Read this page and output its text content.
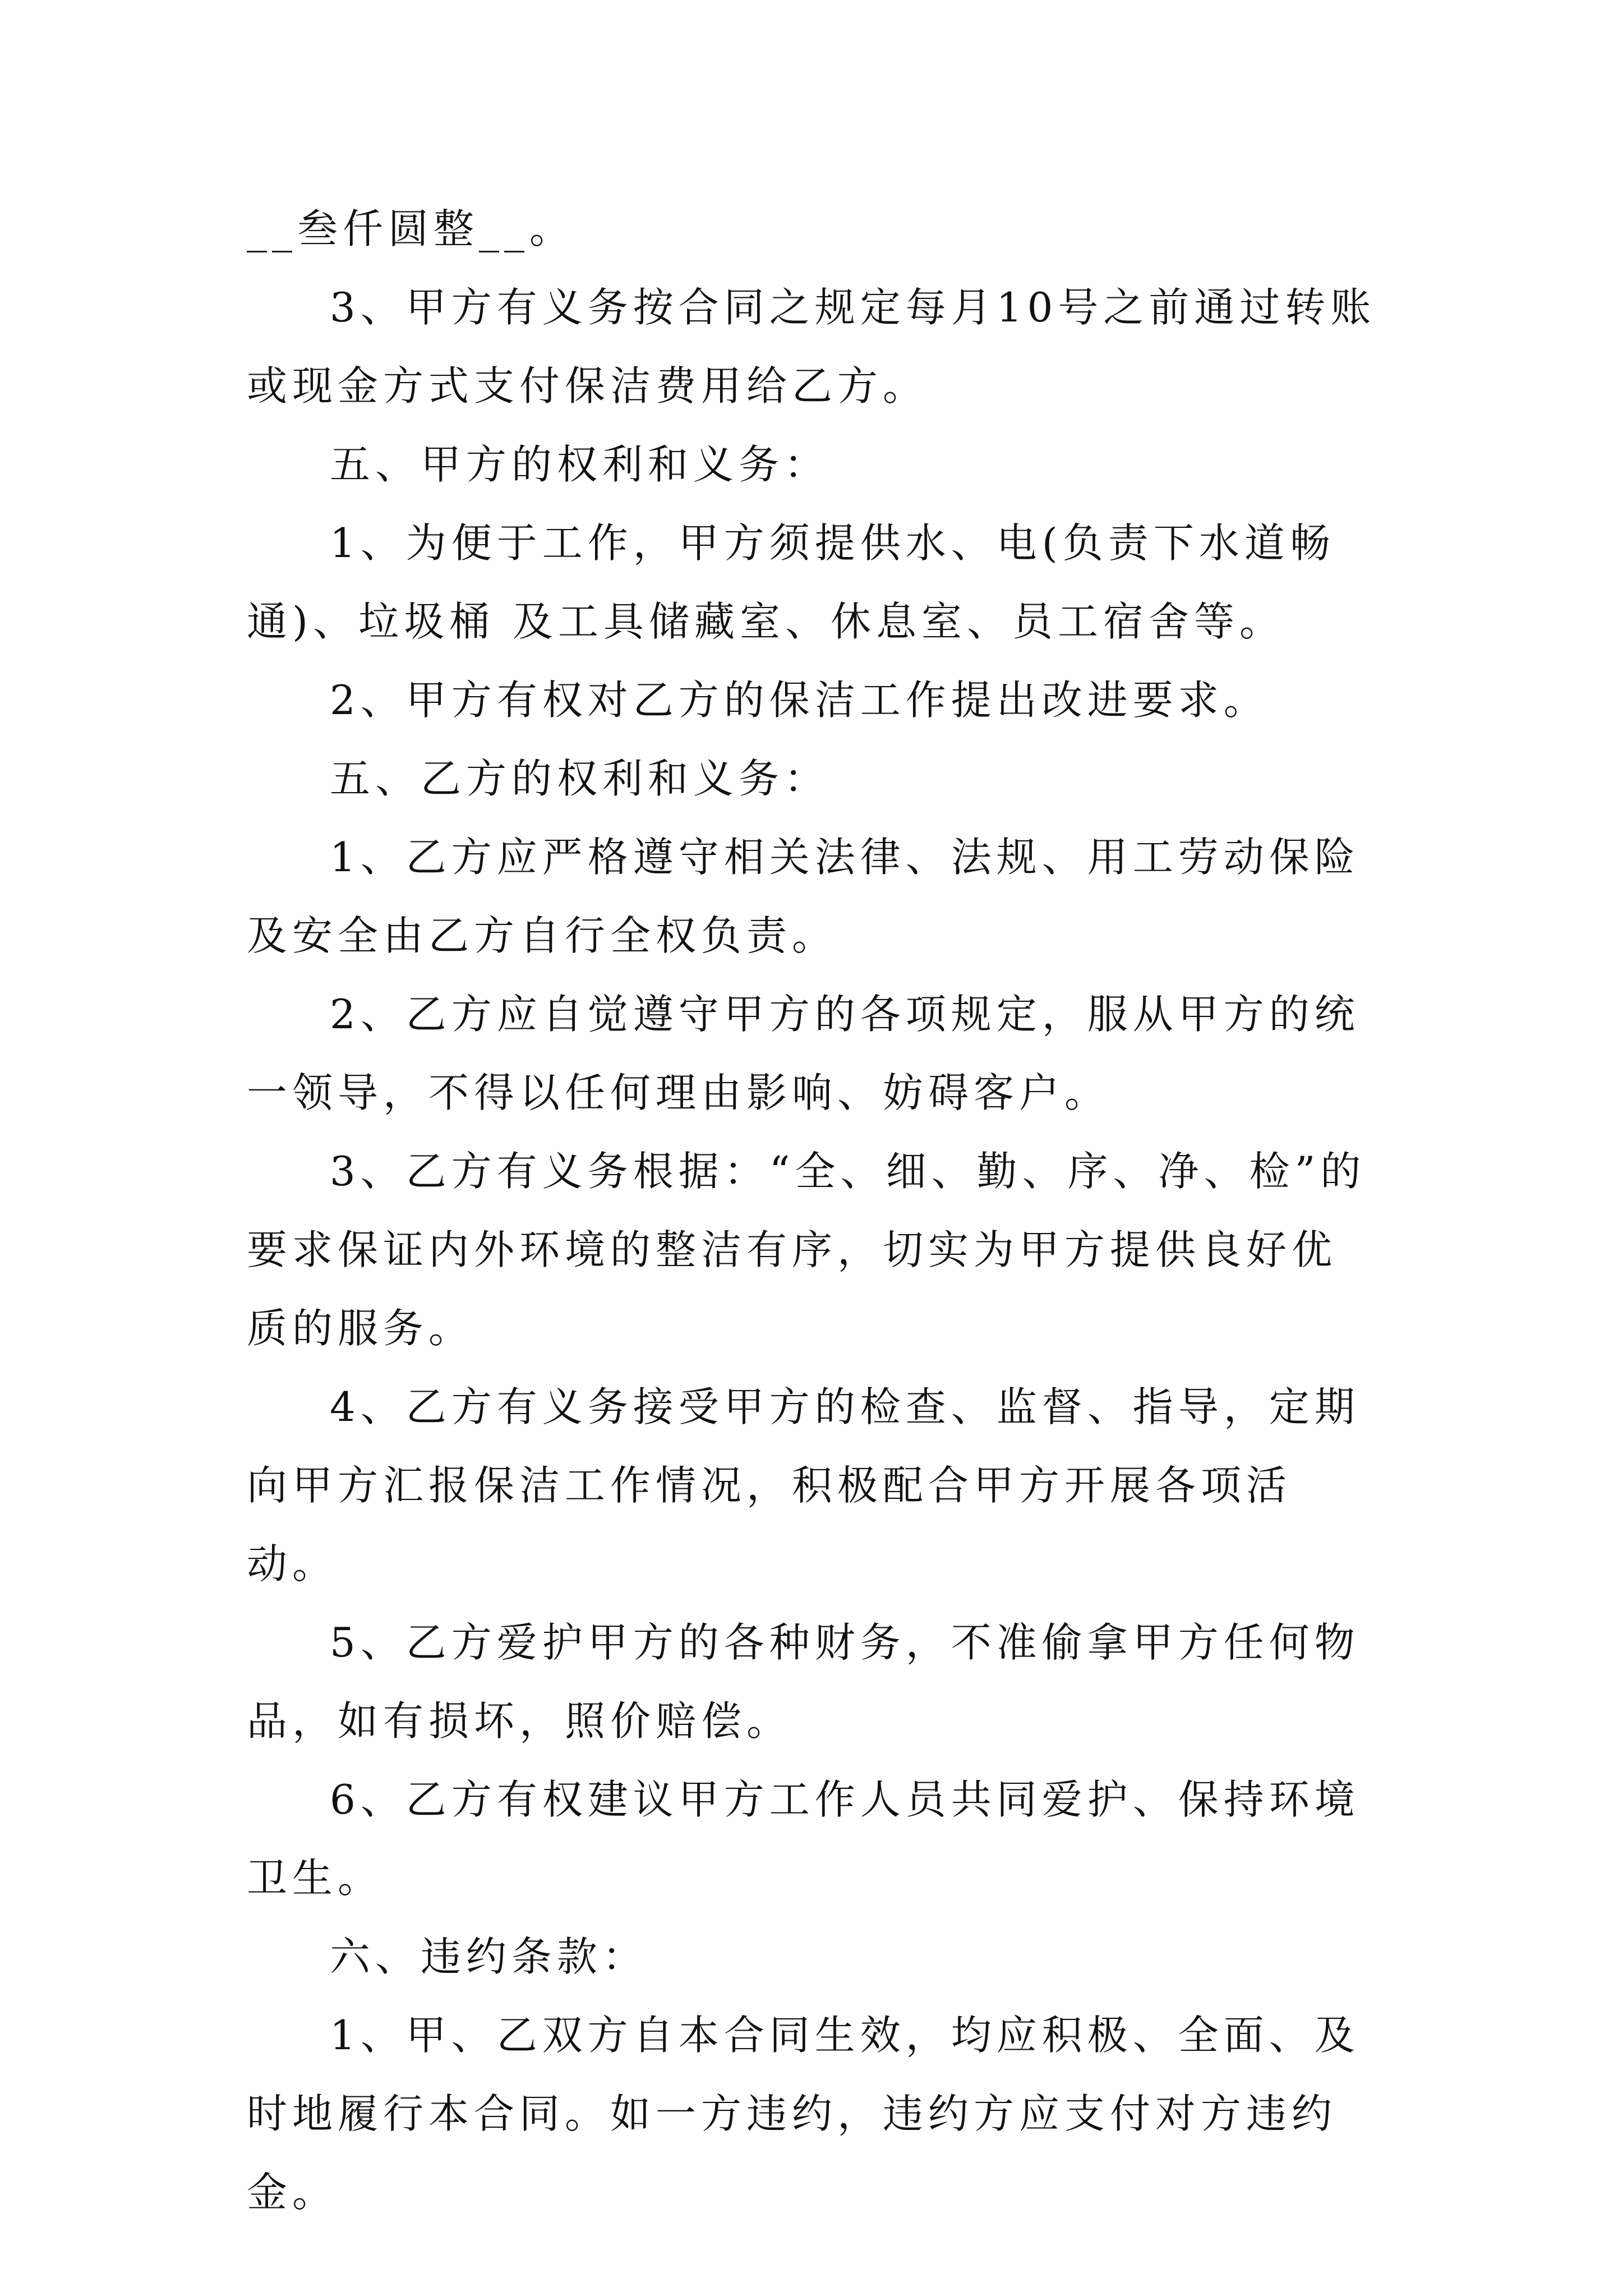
__叁仟圆整__。

3、甲方有义务按合同之规定每月10号之前通过转账或现金方式支付保洁费用给乙方。

五、甲方的权利和义务：

1、为便于工作，甲方须提供水、电(负责下水道畅通)、垃圾桶 及工具储藏室、休息室、员工宿舍等。

2、甲方有权对乙方的保洁工作提出改进要求。

五、乙方的权利和义务：

1、乙方应严格遵守相关法律、法规、用工劳动保险及安全由乙方自行全权负责。

2、乙方应自觉遵守甲方的各项规定，服从甲方的统一领导，不得以任何理由影响、妨碍客户。

3、乙方有义务根据：“全、细、勤、序、净、检”的要求保证内外环境的整洁有序，切实为甲方提供良好优质的服务。

4、乙方有义务接受甲方的检查、监督、指导，定期向甲方汇报保洁工作情况，积极配合甲方开展各项活动。

5、乙方爱护甲方的各种财务，不准偷拿甲方任何物品，如有损坏，照价赔偿。

6、乙方有权建议甲方工作人员共同爱护、保持环境卫生。

六、违约条款：

1、甲、乙双方自本合同生效，均应积极、全面、及时地履行本合同。如一方违约，违约方应支付对方违约金。
